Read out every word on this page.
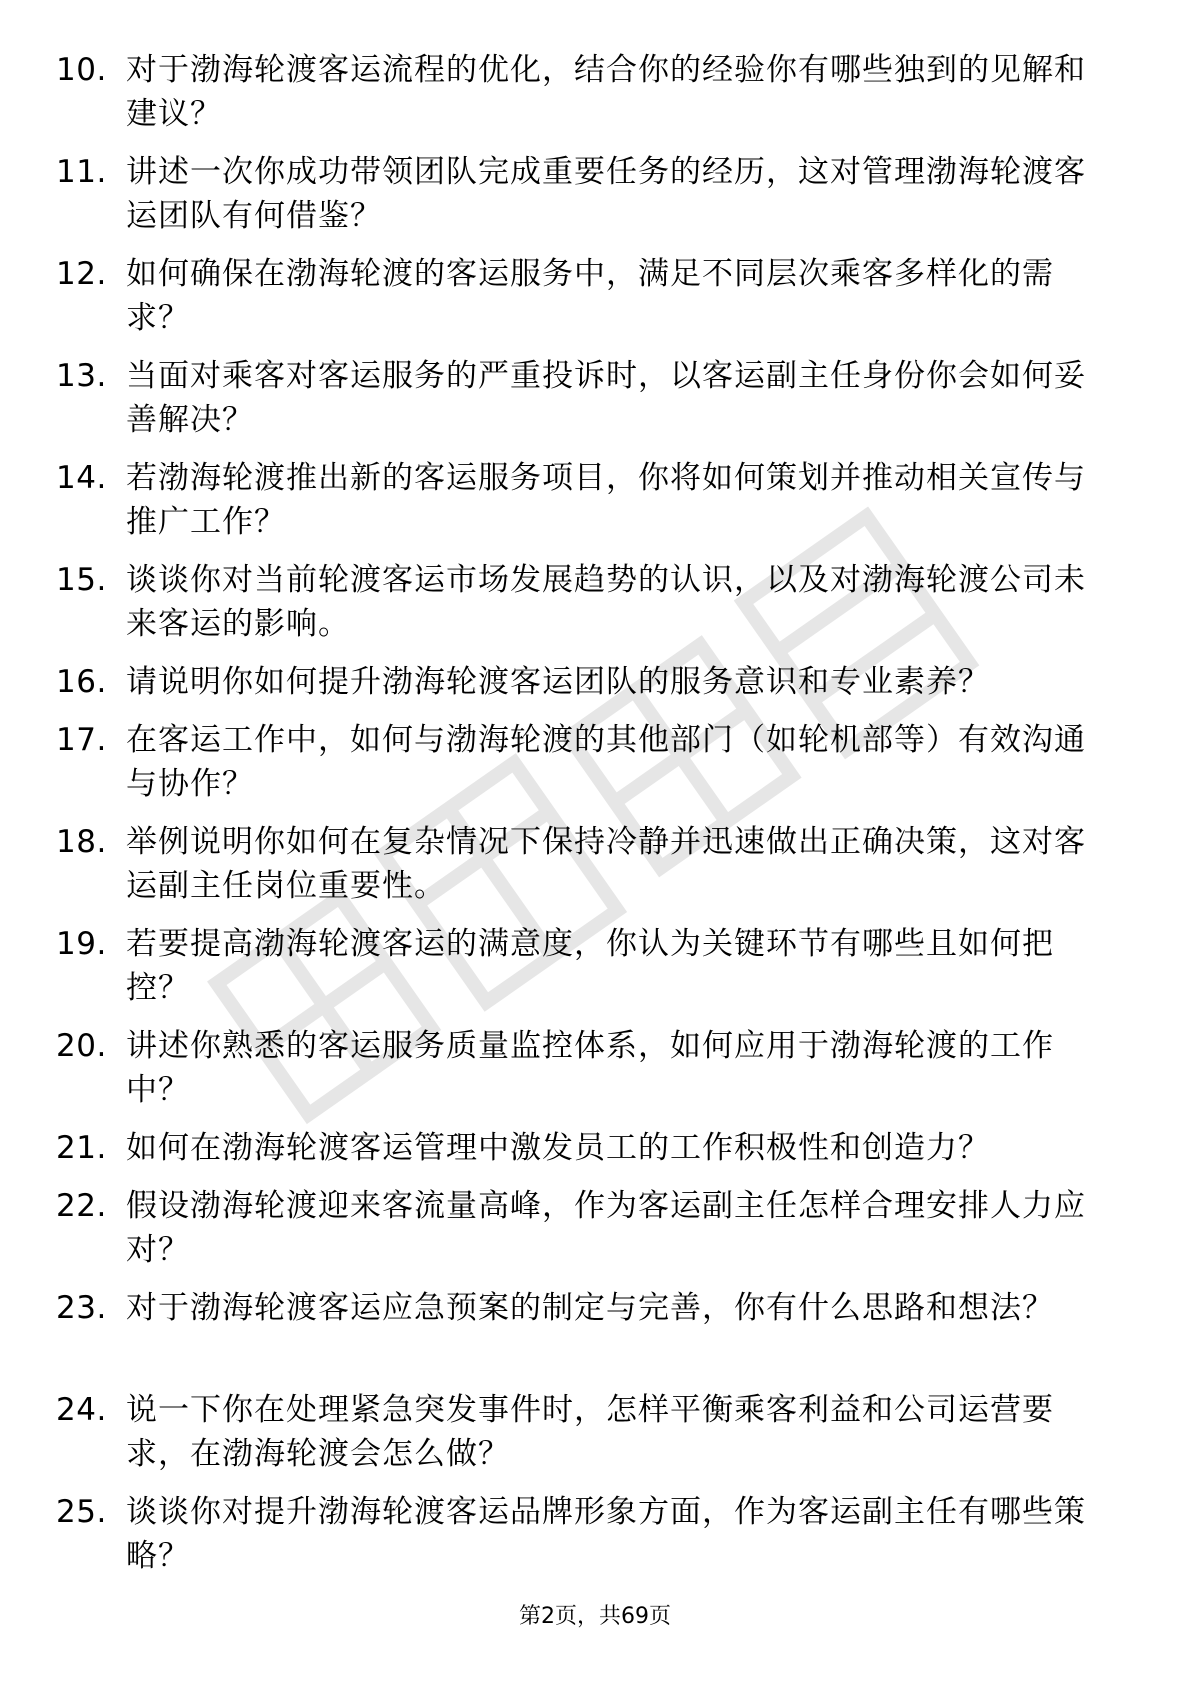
10. 对于渤海轮渡客运流程的优化，结合你的经验你有哪些独到的见解和建议？
11. 讲述一次你成功带领团队完成重要任务的经历，这对管理渤海轮渡客运团队有何借鉴？
12. 如何确保在渤海轮渡的客运服务中，满足不同层次乘客多样化的需求？
13. 当面对乘客对客运服务的严重投诉时，以客运副主任身份你会如何妥善解决？
14. 若渤海轮渡推出新的客运服务项目，你将如何策划并推动相关宣传与推广工作？
15. 谈谈你对当前轮渡客运市场发展趋势的认识，以及对渤海轮渡公司未来客运的影响。
16. 请说明你如何提升渤海轮渡客运团队的服务意识和专业素养？
17. 在客运工作中，如何与渤海轮渡的其他部门（如轮机部等）有效沟通与协作？
18. 举例说明你如何在复杂情况下保持冷静并迅速做出正确决策，这对客运副主任岗位重要性。
19. 若要提高渤海轮渡客运的满意度，你认为关键环节有哪些且如何把控？
20. 讲述你熟悉的客运服务质量监控体系，如何应用于渤海轮渡的工作中？
21. 如何在渤海轮渡客运管理中激发员工的工作积极性和创造力？
22. 假设渤海轮渡迎来客流量高峰，作为客运副主任怎样合理安排人力应对？
23. 对于渤海轮渡客运应急预案的制定与完善，你有什么思路和想法？
24. 说一下你在处理紧急突发事件时，怎样平衡乘客利益和公司运营要求，在渤海轮渡会怎么做？
25. 谈谈你对提升渤海轮渡客运品牌形象方面，作为客运副主任有哪些策略？
第2页，共69页
